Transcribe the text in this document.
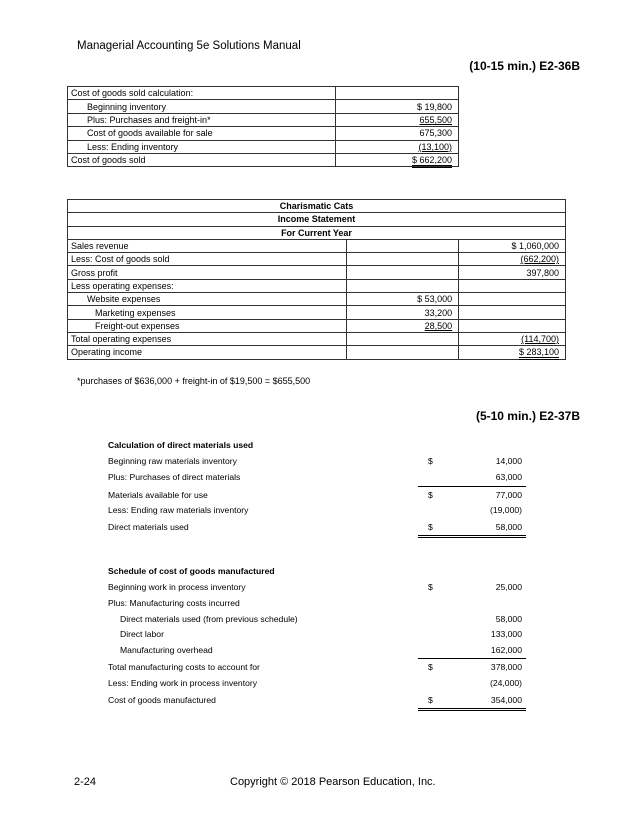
Managerial Accounting 5e Solutions Manual
(10-15 min.) E2-36B
Cost of goods sold calculation:	
Beginning inventory	$ 19,800
Plus: Purchases and freight-in*	655,500
Cost of goods available for sale	675,300
Less: Ending inventory	(13,100)
Cost of goods sold	$ 662,200
Charismatic Cats		
Income Statement		
For Current Year		
Sales revenue		$ 1,060,000
Less: Cost of goods sold		(662,200)
Gross profit		397,800
Less operating expenses:		
Website expenses	$ 53,000	
Marketing expenses	33,200	
Freight-out expenses	28,500	
Total operating expenses		(114,700)
Operating income		$ 283,100
*purchases of $636,000 + freight-in of $19,500 = $655,500
(5-10 min.) E2-37B
Calculation of direct materials used
Beginning raw materials inventory	$	14,000
Plus: Purchases of direct materials	63,000
Materials available for use	$	77,000
Less: Ending raw materials inventory	(19,000)
Direct materials used	$	58,000
Schedule of cost of goods manufactured
Beginning work in process inventory	$	25,000
Plus: Manufacturing costs incurred
Direct materials used (from previous schedule)	58,000
Direct labor	133,000
Manufacturing overhead	162,000
Total manufacturing costs to account for	$	378,000
Less: Ending work in process inventory	(24,000)
Cost of goods manufactured	$	354,000
2-24	Copyright © 2018 Pearson Education, Inc.
